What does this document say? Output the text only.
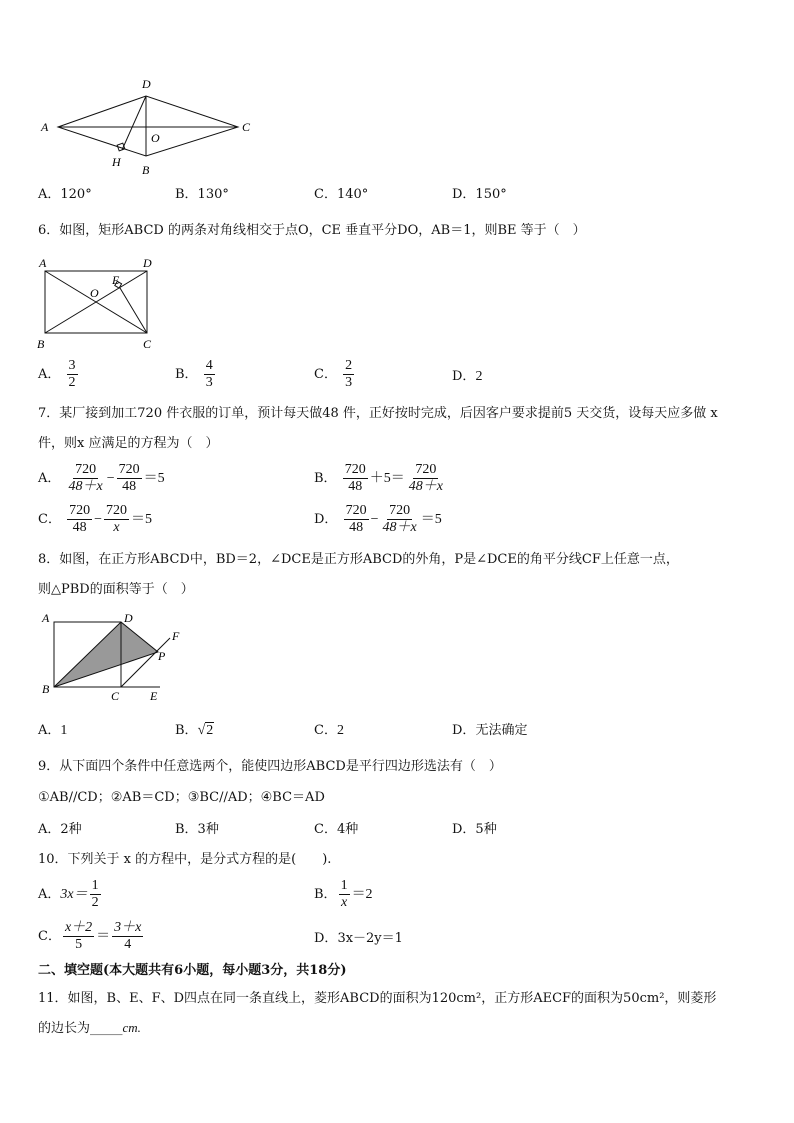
A
D
C
O
H
B
A．120°	B．130°	C．140°	D．150°
6．如图，矩形ABCD 的两条对角线相交于点O，CE 垂直平分DO，AB＝1，则BE 等于（　）
A	D
E
O
B	C
A． $\frac{3}{2}$	B． $\frac{4}{3}$	C． $\frac{2}{3}$	D．2
7．某厂接到加工720 件衣服的订单，预计每天做48 件，正好按时完成，后因客户要求提前5 天交货，设每天应多做 x
件，则x 应满足的方程为（　）
A． $\frac{720}{48+x} - \frac{720}{48} =5$	B． $\frac{720}{48} +5= \frac{720}{48+x}$
C． $\frac{720}{48} - \frac{720}{x} =5$	D． $\frac{720}{48} - \frac{720}{48+x} =5$
8．如图，在正方形ABCD中，BD＝2，∠DCE是正方形ABCD的外角，P是∠DCE的角平分线CF上任意一点，
则△PBD的面积等于（　）
A	D
F
P
B	C	E
A．1	B．√2	C．2	D．无法确定
9．从下面四个条件中任意选两个，能使四边形ABCD是平行四边形选法有（　）
①AB//CD；②AB＝CD；③BC//AD；④BC＝AD
A．2种	B．3种	C．4种	D．5种
10．下列关于 x 的方程中，是分式方程的是(　　).
A．$3x= \frac{1}{2}$	B． $\frac{1}{x} =2$
C． $\frac{x+2}{5} = \frac{3+x}{4}$	D．3x－2y＝1
二、填空题(本大题共有6小题，每小题3分，共18分)
11．如图，B、E、F、D四点在同一条直线上，菱形ABCD的面积为120cm²，正方形AECF的面积为50cm²，则菱形
的边长为_____cm.
